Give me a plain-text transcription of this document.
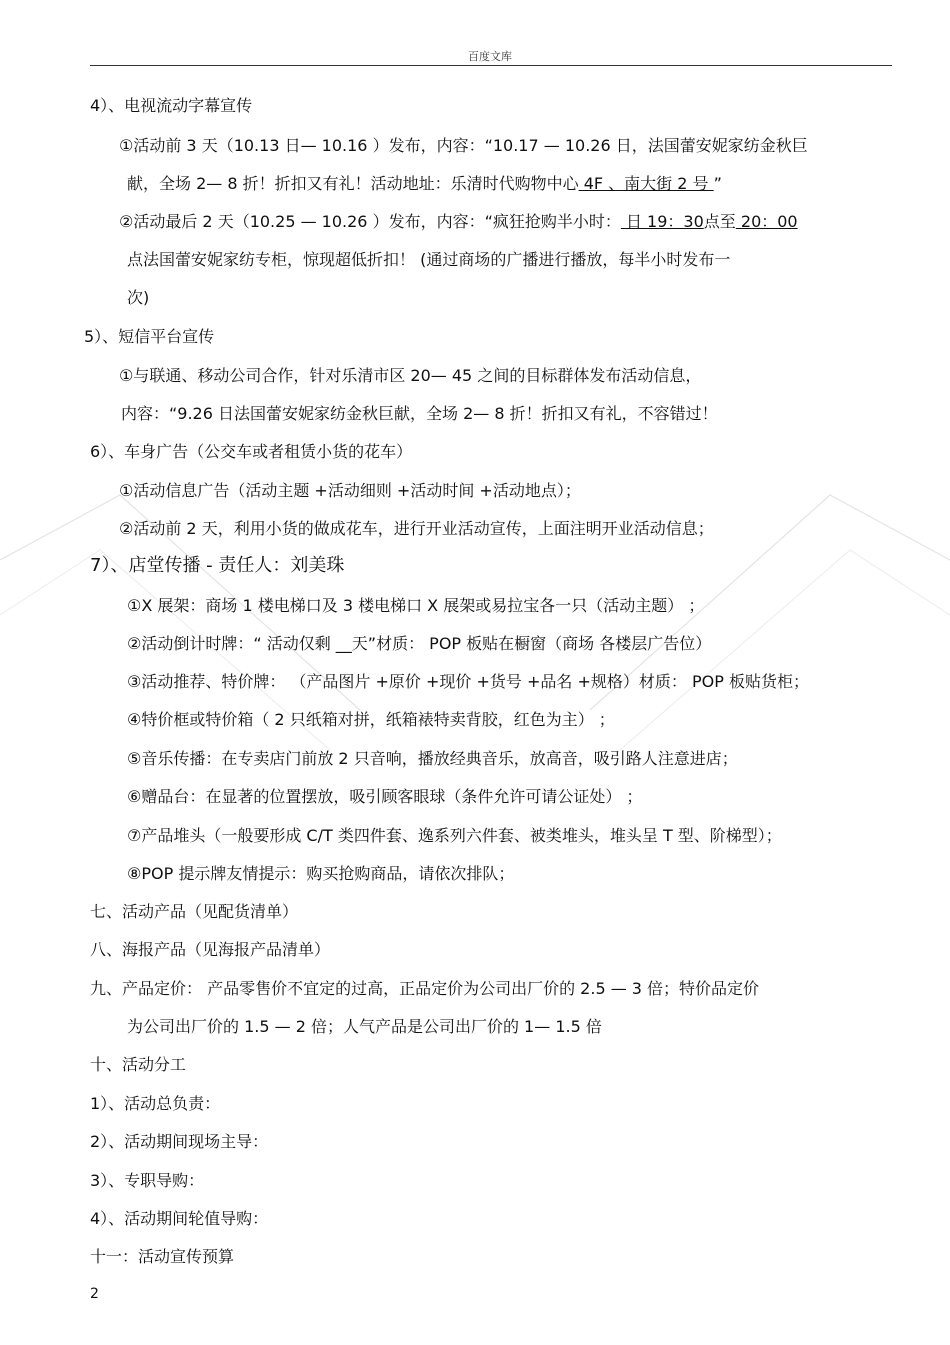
百度文库
4）、电视流动字幕宣传
①活动前 3 天（10.13 日— 10.16 ）发布，内容：“10.17 — 10.26 日，法国蕾安妮家纺金秋巨
献，全场 2— 8 折！折扣又有礼！活动地址：乐清时代购物中心 4F 、南大街 2 号 ”
②活动最后 2 天（10.25 — 10.26 ）发布，内容：“疯狂抢购半小时： 日 19：30点至 20：00
点法国蕾安妮家纺专柜，惊现超低折扣！ (通过商场的广播进行播放，每半小时发布一
次)
5）、短信平台宣传
①与联通、移动公司合作，针对乐清市区 20— 45 之间的目标群体发布活动信息，
内容：“9.26 日法国蕾安妮家纺金秋巨献，全场 2— 8 折！折扣又有礼，不容错过！
6）、车身广告（公交车或者租赁小货的花车）
①活动信息广告（活动主题 +活动细则 +活动时间 +活动地点）；
②活动前 2 天，利用小货的做成花车，进行开业活动宣传，上面注明开业活动信息；
7）、店堂传播 - 责任人：刘美珠
①X 展架：商场 1 楼电梯口及 3 楼电梯口 X 展架或易拉宝各一只（活动主题） ；
②活动倒计时牌：“ 活动仅剩 __天”材质： POP 板贴在橱窗（商场 各楼层广告位）
③活动推荐、特价牌： （产品图片 +原价 +现价 +货号 +品名 +规格）材质： POP 板贴货柜；
④特价框或特价箱（ 2 只纸箱对拼，纸箱裱特卖背胶，红色为主） ；
⑤音乐传播：在专卖店门前放 2 只音响，播放经典音乐，放高音，吸引路人注意进店；
⑥赠品台：在显著的位置摆放，吸引顾客眼球（条件允许可请公证处） ；
⑦产品堆头（一般要形成 C/T 类四件套、逸系列六件套、被类堆头，堆头呈 T 型、阶梯型）；
⑧POP 提示牌友情提示：购买抢购商品，请依次排队；
七、活动产品（见配货清单）
八、海报产品（见海报产品清单）
九、产品定价： 产品零售价不宜定的过高，正品定价为公司出厂价的 2.5 — 3 倍；特价品定价
为公司出厂价的 1.5 — 2 倍；人气产品是公司出厂价的 1— 1.5 倍
十、活动分工
1）、活动总负责：
2）、活动期间现场主导：
3）、专职导购：
4）、活动期间轮值导购：
十一：活动宣传预算
2
